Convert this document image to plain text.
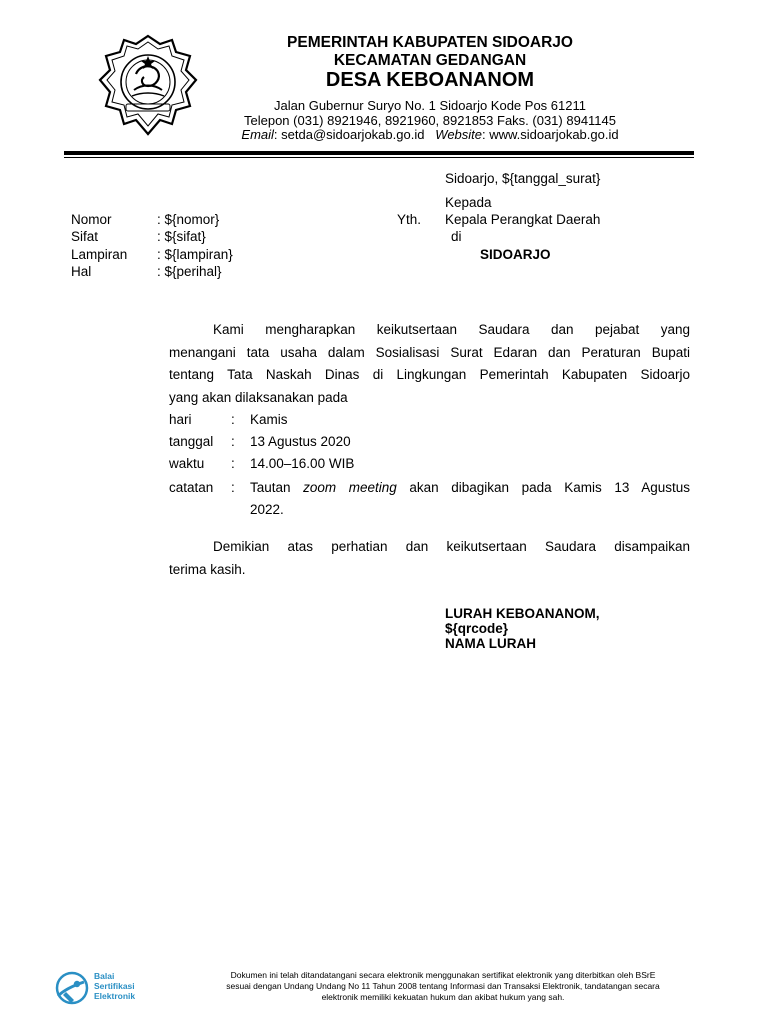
PEMERINTAH KABUPATEN SIDOARJO
KECAMATAN GEDANGAN
DESA KEBOANANOM
Jalan Gubernur Suryo No. 1 Sidoarjo Kode Pos 61211
Telepon (031) 8921946, 8921960, 8921853 Faks. (031) 8941145
Email: setda@sidoarjokab.go.id Website: www.sidoarjokab.go.id
Sidoarjo, ${tanggal_surat}
Kepada
Yth. Kepala Perangkat Daerah
di
SIDOARJO
Nomor	: ${nomor}
Sifat	: ${sifat}
Lampiran : ${lampiran}
Hal	: ${perihal}

Kami mengharapkan keikutsertaan Saudara dan pejabat yang

menangani tata usaha dalam Sosialisasi Surat Edaran dan Peraturan Bupati

tentang Tata Naskah Dinas di Lingkungan Pemerintah Kabupaten Sidoarjo

yang akan dilaksanakan pada

hari	: Kamis
tanggal : 13 Agustus 2020
waktu : 14.00–16.00 WIB
catatan : Tautan zoom meeting akan dibagikan pada Kamis 13 Agustus
2022.

Demikian atas perhatian dan keikutsertaan Saudara disampaikan

terima kasih.

LURAH KEBOANANOM,
${qrcode}
NAMA LURAH
Balai
Sertifikasi
Elektronik
Dokumen ini telah ditandatangani secara elektronik menggunakan sertifikat elektronik yang diterbitkan oleh BSrE
sesuai dengan Undang Undang No 11 Tahun 2008 tentang Informasi dan Transaksi Elektronik, tandatangan secara
elektronik memiliki kekuatan hukum dan akibat hukum yang sah.
